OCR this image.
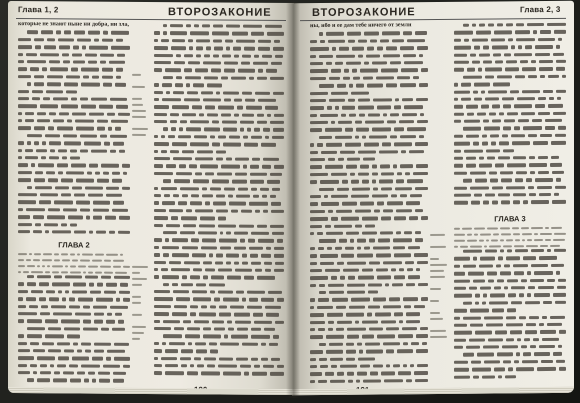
Глава 1, 2	ВТОРОЗАКОНИЕ
которые не знают ныне ни добра, ни зла,
ГЛАВА 2
ВТОРОЗАКОНИЕ	Глава 2, 3
ны, ибо и ее дам тебе ничего от земли
ГЛАВА 3
